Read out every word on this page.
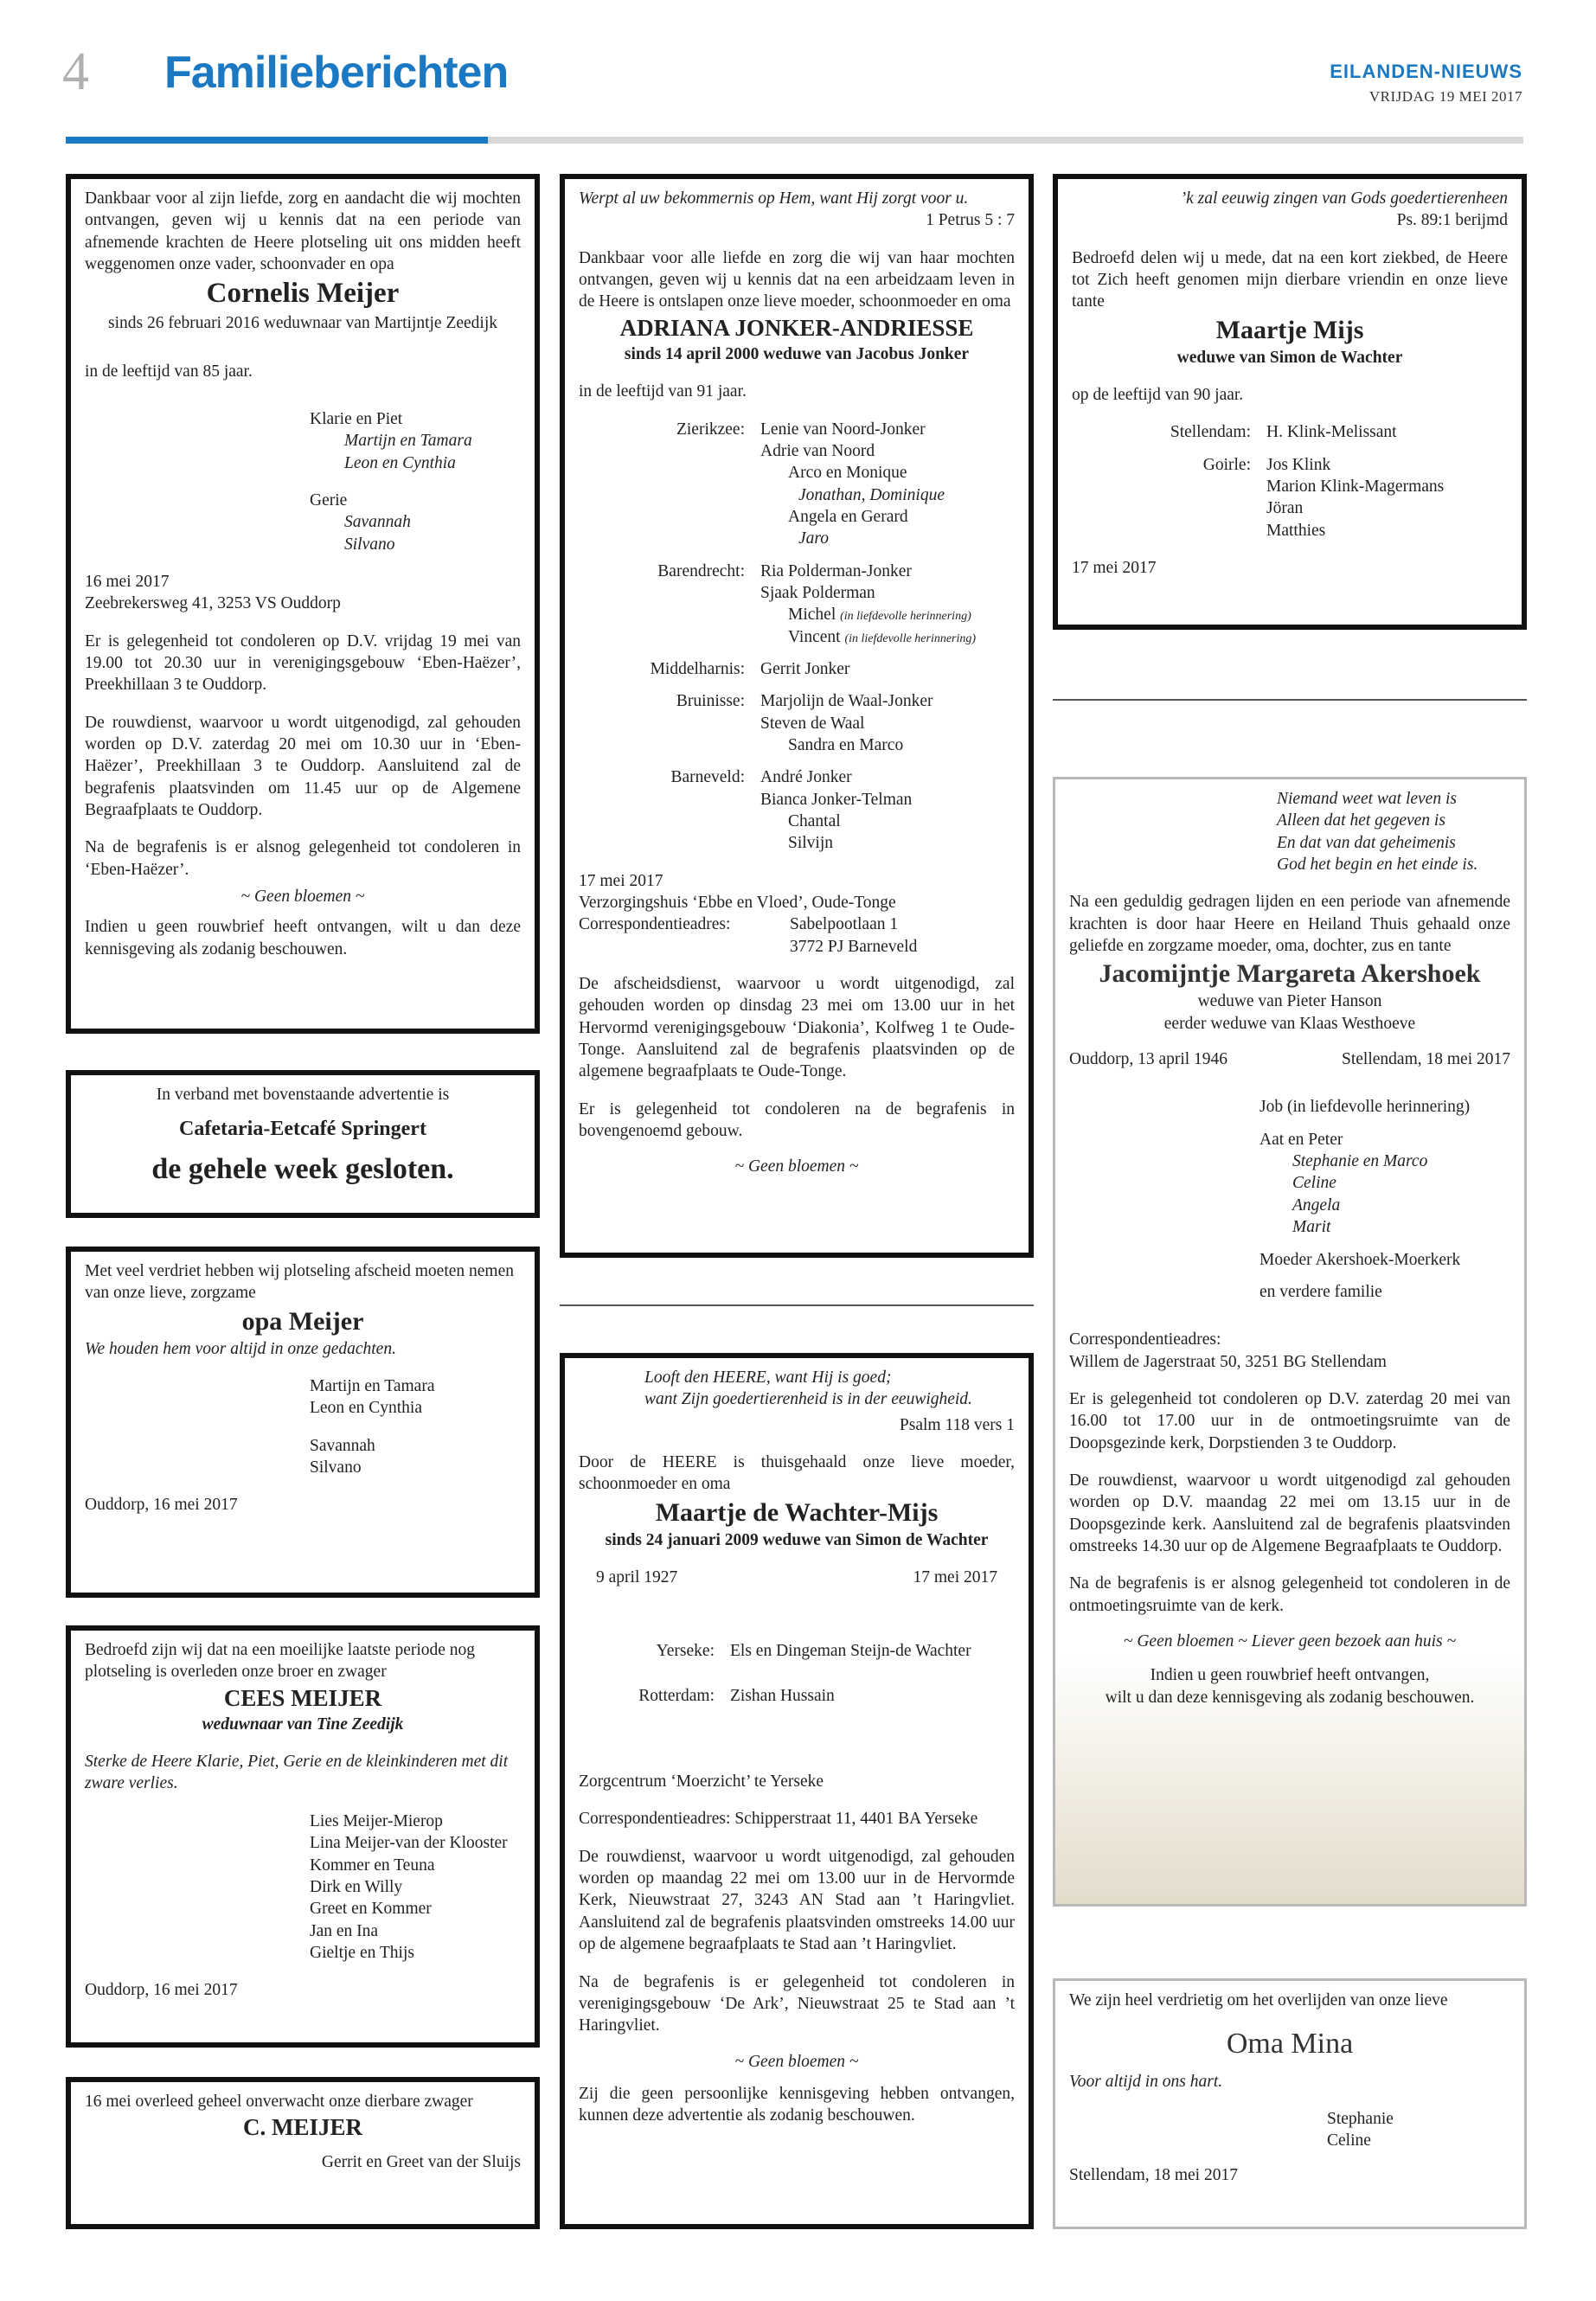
4 Familieberichten	EILANDEN-NIEUWS
VRIJDAG 19 MEI 2017

Dankbaar voor al zijn liefde, zorg en aandacht die wij mochten ontvangen, geven wij u kennis dat na een periode van afnemende krachten de Heere plotseling uit ons midden heeft weggenomen onze vader, schoonvader en opa

Cornelis Meijer

sinds 26 februari 2016 weduwnaar van Martijntje Zeedijk

in de leeftijd van 85 jaar.

Klarie en Piet

Martijn en Tamara

Leon en Cynthia

Gerie

Savannah

Silvano

16 mei 2017

Zeebrekersweg 41, 3253 VS Ouddorp

Er is gelegenheid tot condoleren op D.V. vrijdag 19 mei van 19.00 tot 20.30 uur in verenigingsgebouw ‘Eben-Haëzer’, Preekhillaan 3 te Ouddorp.

De rouwdienst, waarvoor u wordt uitgenodigd, zal gehouden worden op D.V. zaterdag 20 mei om 10.30 uur in ‘Eben-Haëzer’, Preekhillaan 3 te Ouddorp. Aansluitend zal de begrafenis plaatsvinden om 11.45 uur op de Algemene Begraafplaats te Ouddorp.

Na de begrafenis is er alsnog gelegenheid tot condoleren in ‘Eben-Haëzer’.

~ Geen bloemen ~

Indien u geen rouwbrief heeft ontvangen, wilt u dan deze kennisgeving als zodanig beschouwen.

In verband met bovenstaande advertentie is

Cafetaria-Eetcafé Springert

de gehele week gesloten.

Met veel verdriet hebben wij plotseling afscheid moeten nemen van onze lieve, zorgzame

opa Meijer

We houden hem voor altijd in onze gedachten.

Martijn en Tamara

Leon en Cynthia

Savannah

Silvano

Ouddorp, 16 mei 2017

Bedroefd zijn wij dat na een moeilijke laatste periode nog plotseling is overleden onze broer en zwager

CEES MEIJER

weduwnaar van Tine Zeedijk

Sterke de Heere Klarie, Piet, Gerie en de kleinkinderen met dit zware verlies.

Lies Meijer-Mierop

Lina Meijer-van der Klooster

Kommer en Teuna

Dirk en Willy

Greet en Kommer

Jan en Ina

Gieltje en Thijs

Ouddorp, 16 mei 2017

16 mei overleed geheel onverwacht onze dierbare zwager

C. MEIJER

Gerrit en Greet van der Sluijs

Werpt al uw bekommernis op Hem, want Hij zorgt voor u.

1 Petrus 5 : 7

Dankbaar voor alle liefde en zorg die wij van haar mochten ontvangen, geven wij u kennis dat na een arbeidzaam leven in de Heere is ontslapen onze lieve moeder, schoonmoeder en oma

ADRIANA JONKER-ANDRIESSE

sinds 14 april 2000 weduwe van Jacobus Jonker

in de leeftijd van 91 jaar.

Zierikzee: Lenie van Noord-Jonker

Adrie van Noord

Arco en Monique

Jonathan, Dominique

Angela en Gerard

Jaro

Barendrecht: Ria Polderman-Jonker

Sjaak Polderman

Michel (in liefdevolle herinnering)

Vincent (in liefdevolle herinnering)

Middelharnis: Gerrit Jonker

Bruinisse: Marjolijn de Waal-Jonker

Steven de Waal

Sandra en Marco

Barneveld: André Jonker

Bianca Jonker-Telman

Chantal

Silvijn

17 mei 2017

Verzorgingshuis ‘Ebbe en Vloed’, Oude-Tonge

Correspondentieadres:	Sabelpootlaan 1

3772 PJ Barneveld

De afscheidsdienst, waarvoor u wordt uitgenodigd, zal gehouden worden op dinsdag 23 mei om 13.00 uur in het Hervormd verenigingsgebouw ‘Diakonia’, Kolfweg 1 te Oude-Tonge. Aansluitend zal de begrafenis plaatsvinden op de algemene begraafplaats te Oude-Tonge.

Er is gelegenheid tot condoleren na de begrafenis in bovengenoemd gebouw.

~ Geen bloemen ~

Looft den HEERE, want Hij is goed;

want Zijn goedertierenheid is in der eeuwigheid.

Psalm 118 vers 1

Door de HEERE is thuisgehaald onze lieve moeder, schoonmoeder en oma

Maartje de Wachter-Mijs

sinds 24 januari 2009 weduwe van Simon de Wachter

9 april 1927	17 mei 2017
Yerseke: Els en Dingeman Steijn-de Wachter

Rotterdam: Zishan Hussain

Zorgcentrum ‘Moerzicht’ te Yerseke

Correspondentieadres: Schipperstraat 11, 4401 BA Yerseke

De rouwdienst, waarvoor u wordt uitgenodigd, zal gehouden worden op maandag 22 mei om 13.00 uur in de Hervormde Kerk, Nieuwstraat 27, 3243 AN Stad aan ’t Haringvliet. Aansluitend zal de begrafenis plaatsvinden omstreeks 14.00 uur op de algemene begraafplaats te Stad aan ’t Haringvliet.

Na de begrafenis is er gelegenheid tot condoleren in verenigingsgebouw ‘De Ark’, Nieuwstraat 25 te Stad aan ’t Haringvliet.

~ Geen bloemen ~

Zij die geen persoonlijke kennisgeving hebben ontvangen, kunnen deze advertentie als zodanig beschouwen.

’k zal eeuwig zingen van Gods goedertierenheen

Ps. 89:1 berijmd

Bedroefd delen wij u mede, dat na een kort ziekbed, de Heere tot Zich heeft genomen mijn dierbare vriendin en onze lieve tante

Maartje Mijs

weduwe van Simon de Wachter

op de leeftijd van 90 jaar.

Stellendam: H. Klink-Melissant

Goirle: Jos Klink

Marion Klink-Magermans

Jöran

Matthies

17 mei 2017

Niemand weet wat leven is

Alleen dat het gegeven is

En dat van dat geheimenis

God het begin en het einde is.

Na een geduldig gedragen lijden en een periode van afnemende krachten is door haar Heere en Heiland Thuis gehaald onze geliefde en zorgzame moeder, oma, dochter, zus en tante

Jacomijntje Margareta Akershoek

weduwe van Pieter Hanson

eerder weduwe van Klaas Westhoeve

Ouddorp, 13 april 1946	Stellendam, 18 mei 2017

Job (in liefdevolle herinnering)

Aat en Peter

Stephanie en Marco

Celine

Angela

Marit

Moeder Akershoek-Moerkerk

en verdere familie

Correspondentieadres:

Willem de Jagerstraat 50, 3251 BG Stellendam

Er is gelegenheid tot condoleren op D.V. zaterdag 20 mei van 16.00 tot 17.00 uur in de ontmoetingsruimte van de Doopsgezinde kerk, Dorpstienden 3 te Ouddorp.

De rouwdienst, waarvoor u wordt uitgenodigd zal gehouden worden op D.V. maandag 22 mei om 13.15 uur in de Doopsgezinde kerk. Aansluitend zal de begrafenis plaatsvinden omstreeks 14.30 uur op de Algemene Begraafplaats te Ouddorp.

Na de begrafenis is er alsnog gelegenheid tot condoleren in de ontmoetingsruimte van de kerk.

~ Geen bloemen ~ Liever geen bezoek aan huis ~

Indien u geen rouwbrief heeft ontvangen,

wilt u dan deze kennisgeving als zodanig beschouwen.

We zijn heel verdrietig om het overlijden van onze lieve

Oma Mina

Voor altijd in ons hart.

Stephanie

Celine

Stellendam, 18 mei 2017
